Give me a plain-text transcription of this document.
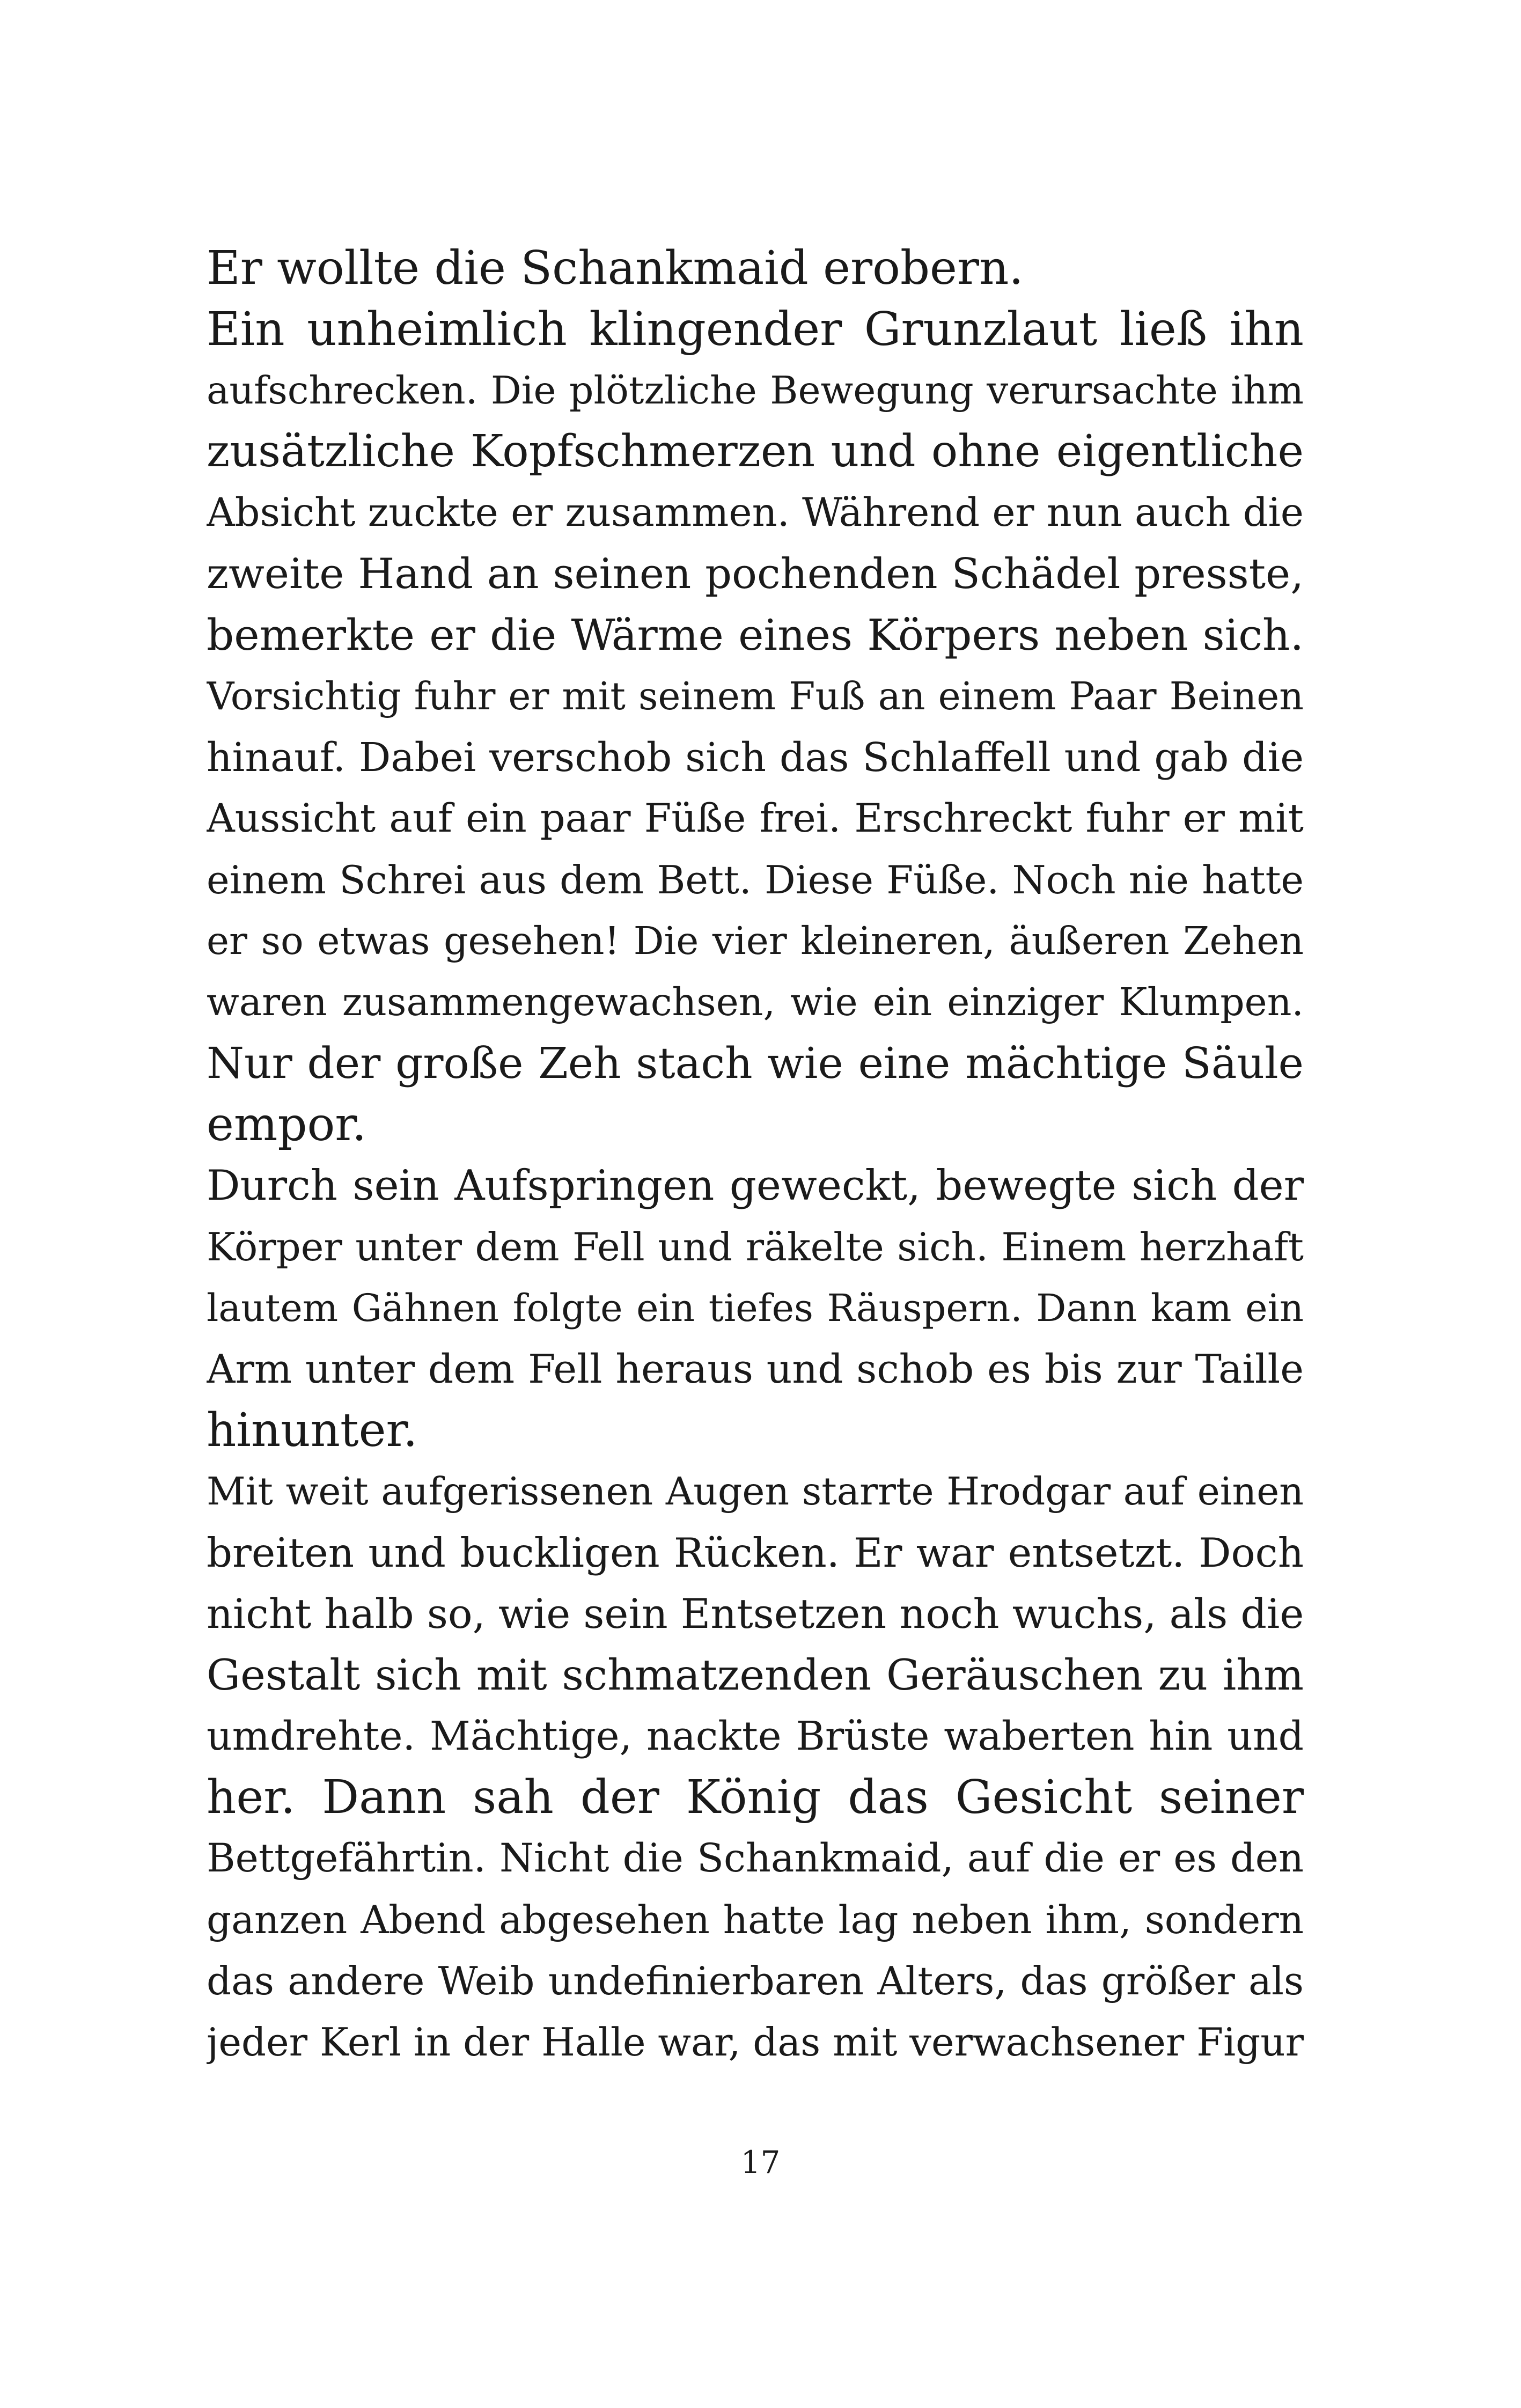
Er wollte die Schankmaid erobern.
Ein unheimlich klingender Grunzlaut ließ ihn
aufschrecken. Die plötzliche Bewegung verursachte ihm
zusätzliche Kopfschmerzen und ohne eigentliche
Absicht zuckte er zusammen. Während er nun auch die
zweite Hand an seinen pochenden Schädel presste,
bemerkte er die Wärme eines Körpers neben sich.
Vorsichtig fuhr er mit seinem Fuß an einem Paar Beinen
hinauf. Dabei verschob sich das Schlaffell und gab die
Aussicht auf ein paar Füße frei. Erschreckt fuhr er mit
einem Schrei aus dem Bett. Diese Füße. Noch nie hatte
er so etwas gesehen! Die vier kleineren, äußeren Zehen
waren zusammengewachsen, wie ein einziger Klumpen.
Nur der große Zeh stach wie eine mächtige Säule
empor.
Durch sein Aufspringen geweckt, bewegte sich der
Körper unter dem Fell und räkelte sich. Einem herzhaft
lautem Gähnen folgte ein tiefes Räuspern. Dann kam ein
Arm unter dem Fell heraus und schob es bis zur Taille
hinunter.
Mit weit aufgerissenen Augen starrte Hrodgar auf einen
breiten und buckligen Rücken. Er war entsetzt. Doch
nicht halb so, wie sein Entsetzen noch wuchs, als die
Gestalt sich mit schmatzenden Geräuschen zu ihm
umdrehte. Mächtige, nackte Brüste waberten hin und
her. Dann sah der König das Gesicht seiner
Bettgefährtin. Nicht die Schankmaid, auf die er es den
ganzen Abend abgesehen hatte lag neben ihm, sondern
das andere Weib undefinierbaren Alters, das größer als
jeder Kerl in der Halle war, das mit verwachsener Figur
17
